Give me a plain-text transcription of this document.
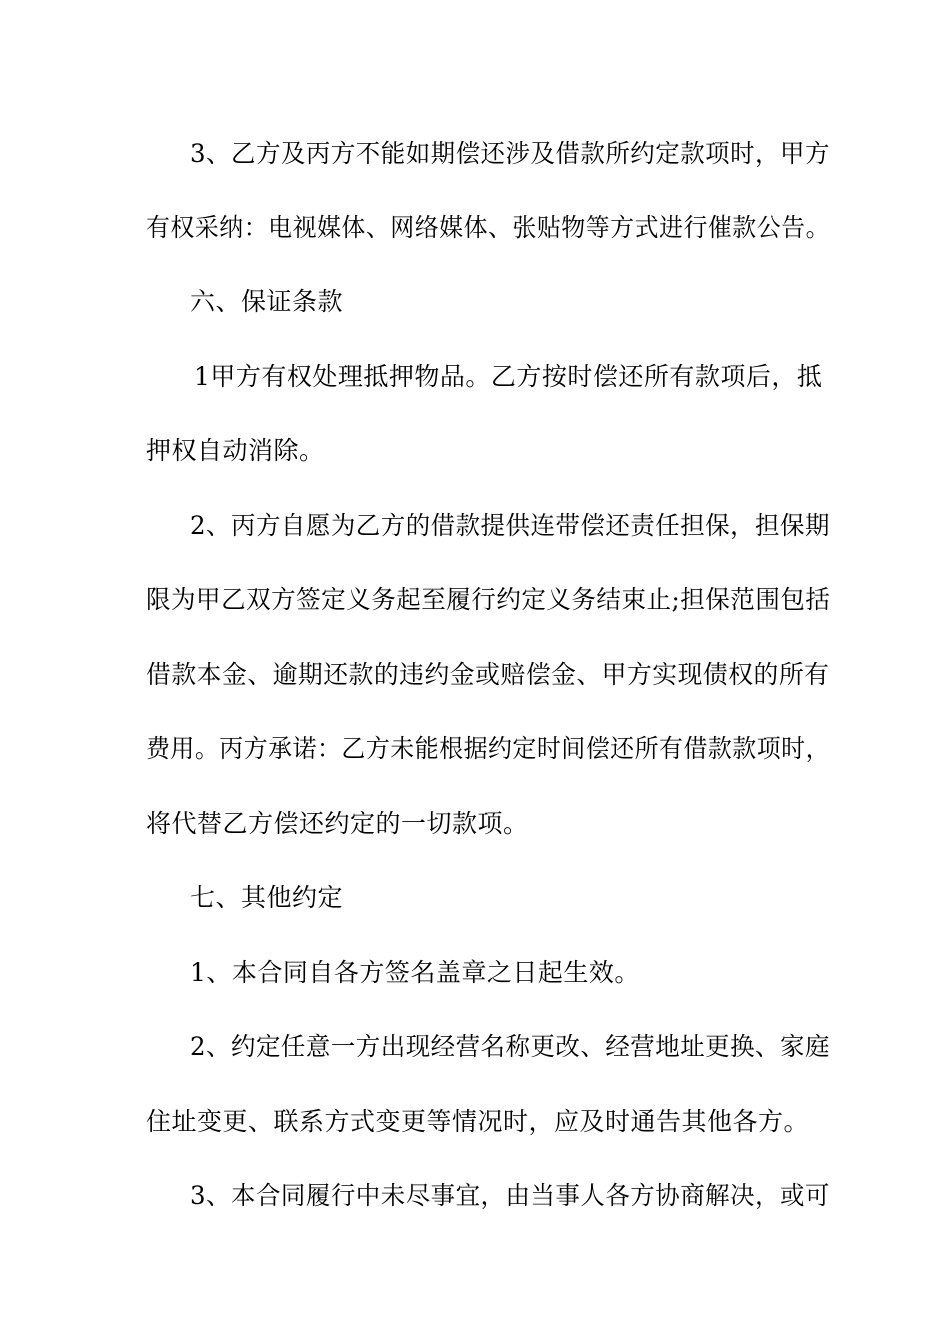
3、乙方及丙方不能如期偿还涉及借款所约定款项时，甲方
有权采纳：电视媒体、网络媒体、张贴物等方式进行催款公告。
六、保证条款
1甲方有权处理抵押物品。乙方按时偿还所有款项后，抵
押权自动消除。
2、丙方自愿为乙方的借款提供连带偿还责任担保，担保期
限为甲乙双方签定义务起至履行约定义务结束止;担保范围包括
借款本金、逾期还款的违约金或赔偿金、甲方实现债权的所有
费用。丙方承诺：乙方未能根据约定时间偿还所有借款款项时，
将代替乙方偿还约定的一切款项。
七、其他约定
1、本合同自各方签名盖章之日起生效。
2、约定任意一方出现经营名称更改、经营地址更换、家庭
住址变更、联系方式变更等情况时，应及时通告其他各方。
3、本合同履行中未尽事宜，由当事人各方协商解决，或可
